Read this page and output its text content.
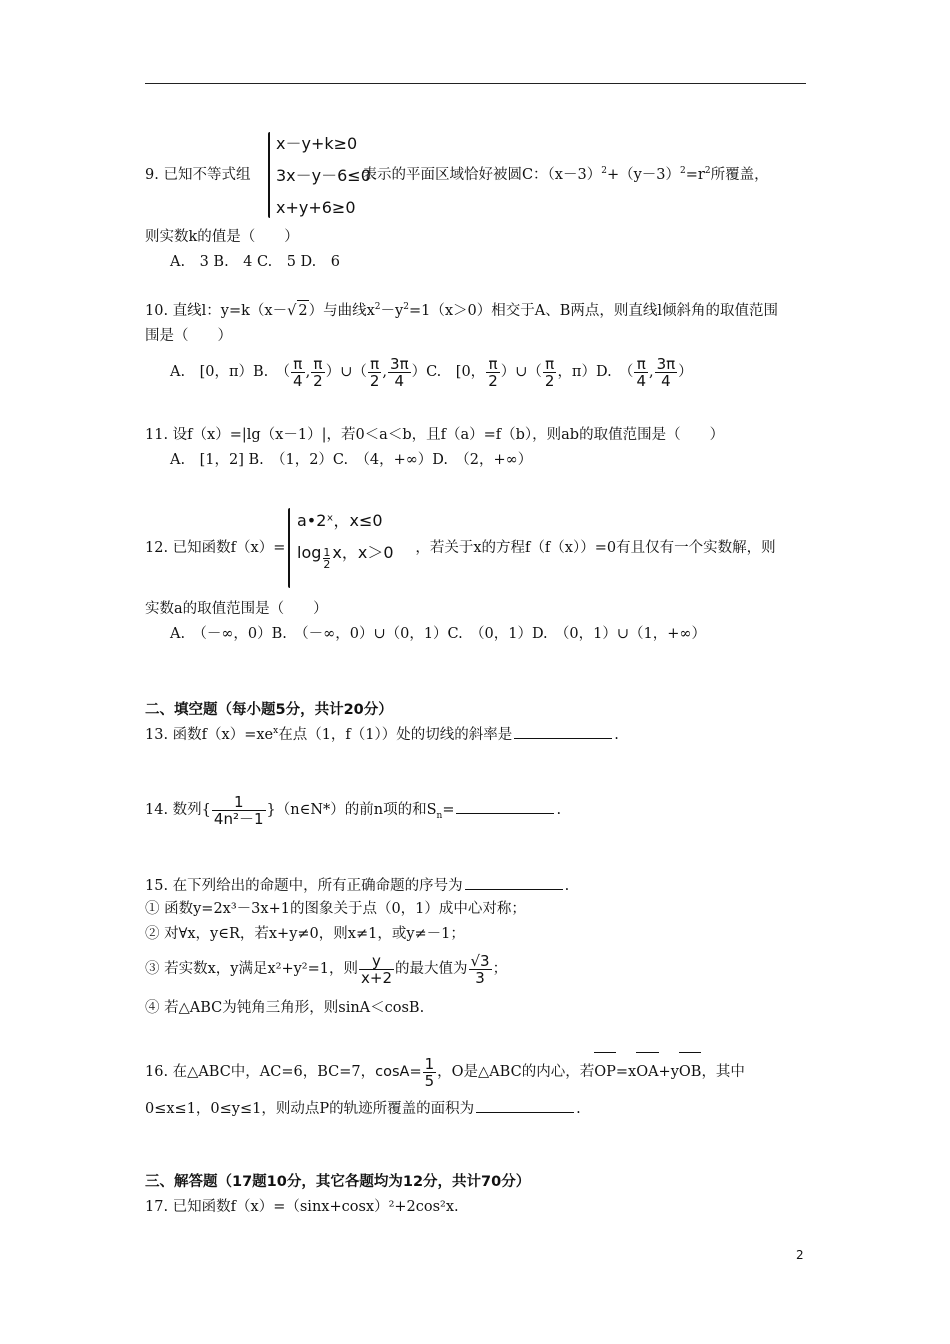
x－y+k≥0
3x－y－6≤0
x+y+6≥0
9. 已知不等式组	表示的平面区域恰好被圆C：$(x-3)^2+(y-3)^2=r^2$所覆盖，
则实数k的值是（　　）
A.　3 B.　4 C.　5 D.　6
10. 直线l：y=k（x－√ 2）与曲线$x^2-y^2=1(x>0)$相交于A、B两点，则直线l倾斜角的取值范围
围是（　　）
A.　[0，π）B.　（ $\frac{\pi}{4}$ , $\frac{\pi}{2}$ ）∪（ $\frac{\pi}{2}$ , $\frac{3\pi}{4} )C$.　[0， $\frac{\pi}{2}$ ）∪（ $\frac{\pi}{2}$ ，π）D.　（ $\frac{\pi}{4}$ , $\frac{3\pi}{4}$ ）
11. 设f（x）=|lg（x－1）|，若0＜a＜b，且f（a）=f（b），则ab的取值范围是（　　）
A.　[1，2] B.　（1，2）C.　（4，+∞）D.　（2，+∞）
a•2ˣ，x≤0
$\log \frac{1}{2}$ x，x＞0
12. 已知函数f（x）=	，若关于x的方程f（f（x））=0有且仅有一个实数解，则
实数a的取值范围是（　　）
A.　（－∞，0）B.　（－∞，0）∪（0，1）C.　（0，1）D.　（0，1）∪（1，+∞）
二、填空题（每小题5分，共计20分）
13. 函数$f(x)=xe^x$在点（1，f（1））处的切线的斜率是	.
14. 数列{ $\frac{1}{\text{4n²－1}}$ }（n∈N*）的前n项的和$S_n=$	.
15. 在下列给出的命题中，所有正确命题的序号为	.
① 函数y=2x³－3x+1的图象关于点（0，1）成中心对称；
② 对∀x，y∈R，若x+y≠0，则x≠1，或y≠－1；
③ 若实数x，y满足x²+y²=1，则 $\frac{y}{x+2}$ 的最大值为 $\frac{√3}{3}$ ；
④ 若△ABC为钝角三角形，则sinA＜cosB.
16. 在△ABC中，AC=6，BC=7，$\cos A= \frac{1}{5}$ ，O是△ABC的内心，若OP=xOA+yOB，其中
0≤x≤1，0≤y≤1，则动点P的轨迹所覆盖的面积为	.
三、解答题（17题10分，其它各题均为12分，共计70分）
17. 已知函数f（x）=（sinx+cosx）²+2cos²x.
2
